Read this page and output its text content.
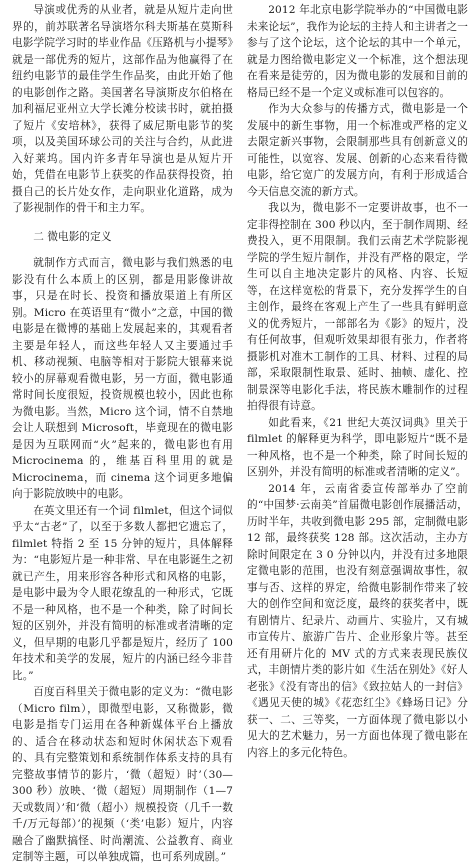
导演或优秀的从业者，就是从短片走向世界的，前苏联著名导演塔尔科夫斯基在莫斯科电影学院学习时的毕业作品《压路机与小提琴》就是一部优秀的短片，这部作品为他赢得了在纽约电影节的最佳学生作品奖，由此开始了他的电影创作之路。美国著名导演斯皮尔伯格在加利福尼亚州立大学长滩分校读书时，就拍摄了短片《安培林》，获得了威尼斯电影节的奖项，以及美国环球公司的关注与合约，从此进入好莱坞。国内许多青年导演也是从短片开始，凭借在电影节上获奖的作品获得投资，拍摄自己的长片处女作，走向职业化道路，成为了影视制作的骨干和主力军。

二 微电影的定义

就制作方式而言，微电影与我们熟悉的电影没有什么本质上的区别，都是用影像讲故事，只是在时长、投资和播放渠道上有所区别。Micro 在英语里有“微小”之意，中国的微电影是在微博的基础上发展起来的，其观看者主要是年轻人，而这些年轻人又主要通过手机、移动视频、电脑等相对于影院大银幕来说较小的屏幕观看微电影，另一方面，微电影通常时间长度很短，投资规模也较小，因此也称为微电影。当然，Micro 这个词，情不自禁地会让人联想到 Microsoft，毕竟现在的微电影是因为互联网而“火”起来的，微电影也有用 Microcinema 的，维基百科里用的就是 Microcinema，而 cinema 这个词更多地偏向于影院放映中的电影。

在英文里还有一个词 filmlet，但这个词似乎太“古老”了，以至于多数人都把它遗忘了，filmlet 特指 2 至 15 分钟的短片，具体解释为：“电影短片是一种非常、早在电影诞生之初就已产生，用来形容各种形式和风格的电影，是电影中最为令人眼花缭乱的一种形式，它既不是一种风格，也不是一个种类，除了时间长短的区别外，并没有简明的标准或者清晰的定义，但早期的电影几乎都是短片，经历了 100 年技术和美学的发展，短片的内涵已经今非昔比。”

百度百科里关于微电影的定义为：“微电影（Micro film），即微型电影，又称微影，微电影是指专门运用在各种新媒体平台上播放的、适合在移动状态和短时休闲状态下观看的、具有完整策划和系统制作体系支持的具有完整故事情节的影片，‘微（超短）时’（30—300 秒）放映、‘微（超短）周期制作（1—7 天或数周）’和‘微（超小）规模投资（几千一数千/万元每部）’的视频（‘类’电影）短片，内容融合了幽默搞怪、时尚潮流、公益教育、商业定制等主题，可以单独成篇，也可系列成剧。”

2012 年北京电影学院举办的“中国微电影未来论坛”，我作为论坛的主持人和主讲者之一参与了这个论坛，这个论坛的其中一个单元，就是力图给微电影定义一个标准，这个想法现在看来是徒劳的，因为微电影的发展和目前的格局已经不是一个定义或标准可以包容的。

作为大众参与的传播方式，微电影是一个发展中的新生事物，用一个标准或严格的定义去限定新兴事物，会限制那些具有创新意义的可能性，以宽容、发展、创新的心态来看待微电影，给它宽广的发展方向，有利于形成适合今天信息交流的新方式。

我以为，微电影不一定要讲故事，也不一定非得控制在 300 秒以内，至于制作周期、经费投入，更不用限制。我们云南艺术学院影视学院的学生短片制作，并没有严格的限定，学生可以自主地决定影片的风格、内容、长短等，在这样宽松的背景下，充分发挥学生的自主创作，最终在客观上产生了一些具有鲜明意义的优秀短片，一部部名为《影》的短片，没有任何故事，但观听效果却很有张力，作者将摄影机对准木工制作的工具、材料、过程的局部，采取限制性取景、延时、抽帧、虚化、控制景深等电影化手法，将民族木雕制作的过程拍得很有诗意。

如此看来，《21 世纪大英汉词典》里关于 filmlet 的解释更为科学，即电影短片“既不是一种风格，也不是一个种类，除了时间长短的区别外，并没有简明的标准或者清晰的定义”。

2014 年，云南省委宣传部举办了空前的“中国梦·云南美”首届微电影创作展播活动，历时半年，共收到微电影 295 部，定制微电影 12 部，最终获奖 128 部。这次活动，主办方除时间限定在 3 0 分钟以内，并没有过多地限定微电影的范围，也没有刻意强调故事性，叙事与否、这样的界定，给微电影制作带来了较大的创作空间和宽泛度，最终的获奖者中，既有剧情片、纪录片、动画片、实验片，又有城市宣传片、旅游广告片、企业形象片等。甚至还有用研片化的 MV 式的方式来表现民族仪式，丰朗情片类的影片如《生活在别处》《好人老张》《没有寄出的信》《致拉姑人的一封信》《遇见天使的城》《花恋红尘》《蜂场日记》分获一、二、三等奖，一方面体现了微电影以小见大的艺术魅力，另一方面也体现了微电影在内容上的多元化特色。
